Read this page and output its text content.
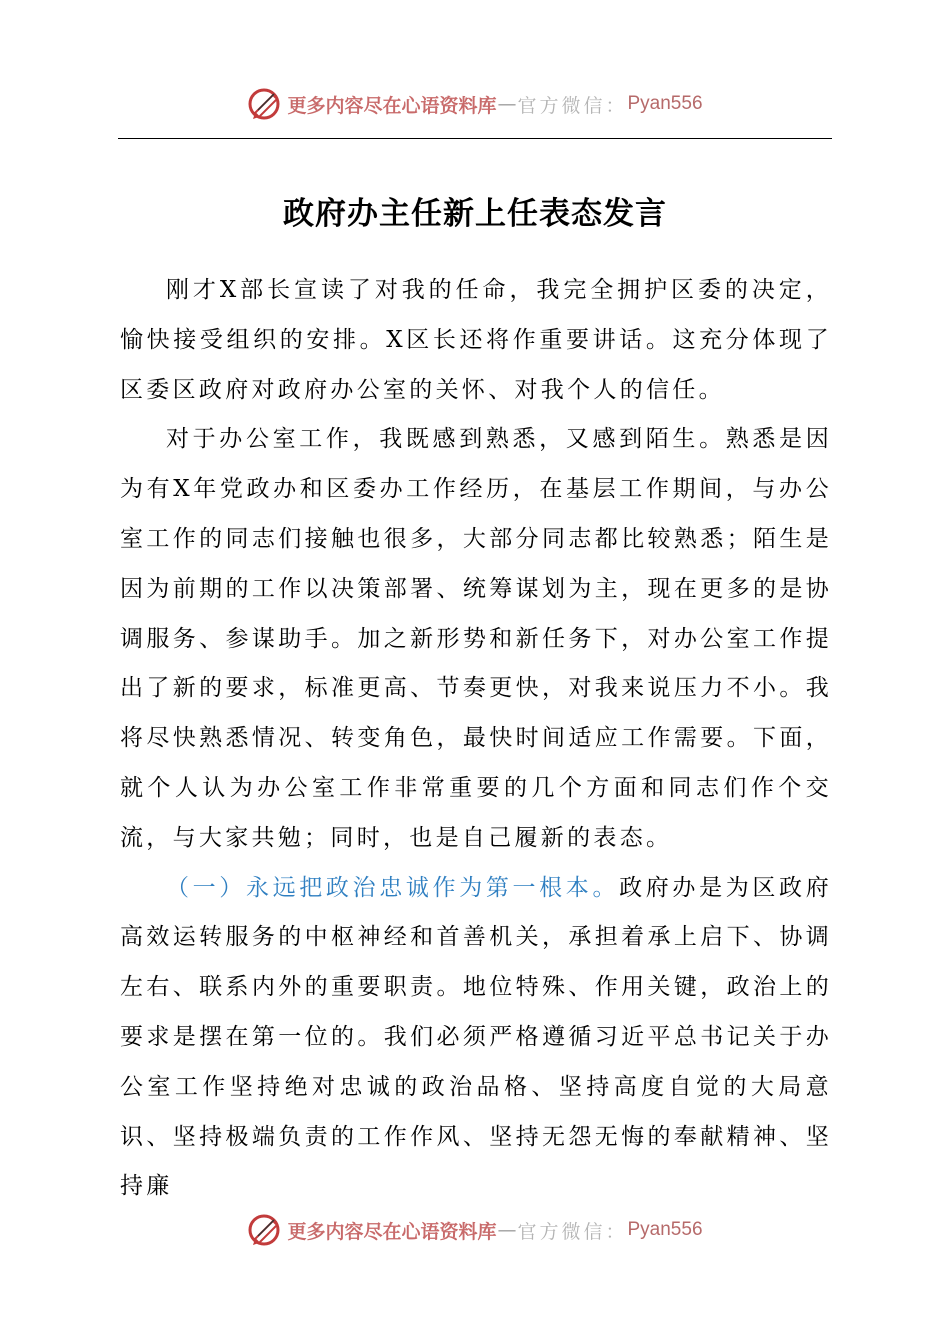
更多内容尽在心语资料库 — 官方微信： Pyan556
政府办主任新上任表态发言

刚才X部长宣读了对我的任命，我完全拥护区委的决定，愉快接受组织的安排。X区长还将作重要讲话。这充分体现了区委区政府对政府办公室的关怀、对我个人的信任。

对于办公室工作，我既感到熟悉，又感到陌生。熟悉是因为有X年党政办和区委办工作经历，在基层工作期间，与办公室工作的同志们接触也很多，大部分同志都比较熟悉；陌生是因为前期的工作以决策部署、统筹谋划为主，现在更多的是协调服务、参谋助手。加之新形势和新任务下，对办公室工作提出了新的要求，标准更高、节奏更快，对我来说压力不小。我将尽快熟悉情况、转变角色，最快时间适应工作需要。下面，就个人认为办公室工作非常重要的几个方面和同志们作个交流，与大家共勉；同时，也是自己履新的表态。

（一）永远把政治忠诚作为第一根本。政府办是为区政府高效运转服务的中枢神经和首善机关，承担着承上启下、协调左右、联系内外的重要职责。地位特殊、作用关键，政治上的要求是摆在第一位的。我们必须严格遵循习近平总书记关于办公室工作坚持绝对忠诚的政治品格、坚持高度自觉的大局意识、坚持极端负责的工作作风、坚持无怨无悔的奉献精神、坚持廉

更多内容尽在心语资料库 — 官方微信： Pyan556
